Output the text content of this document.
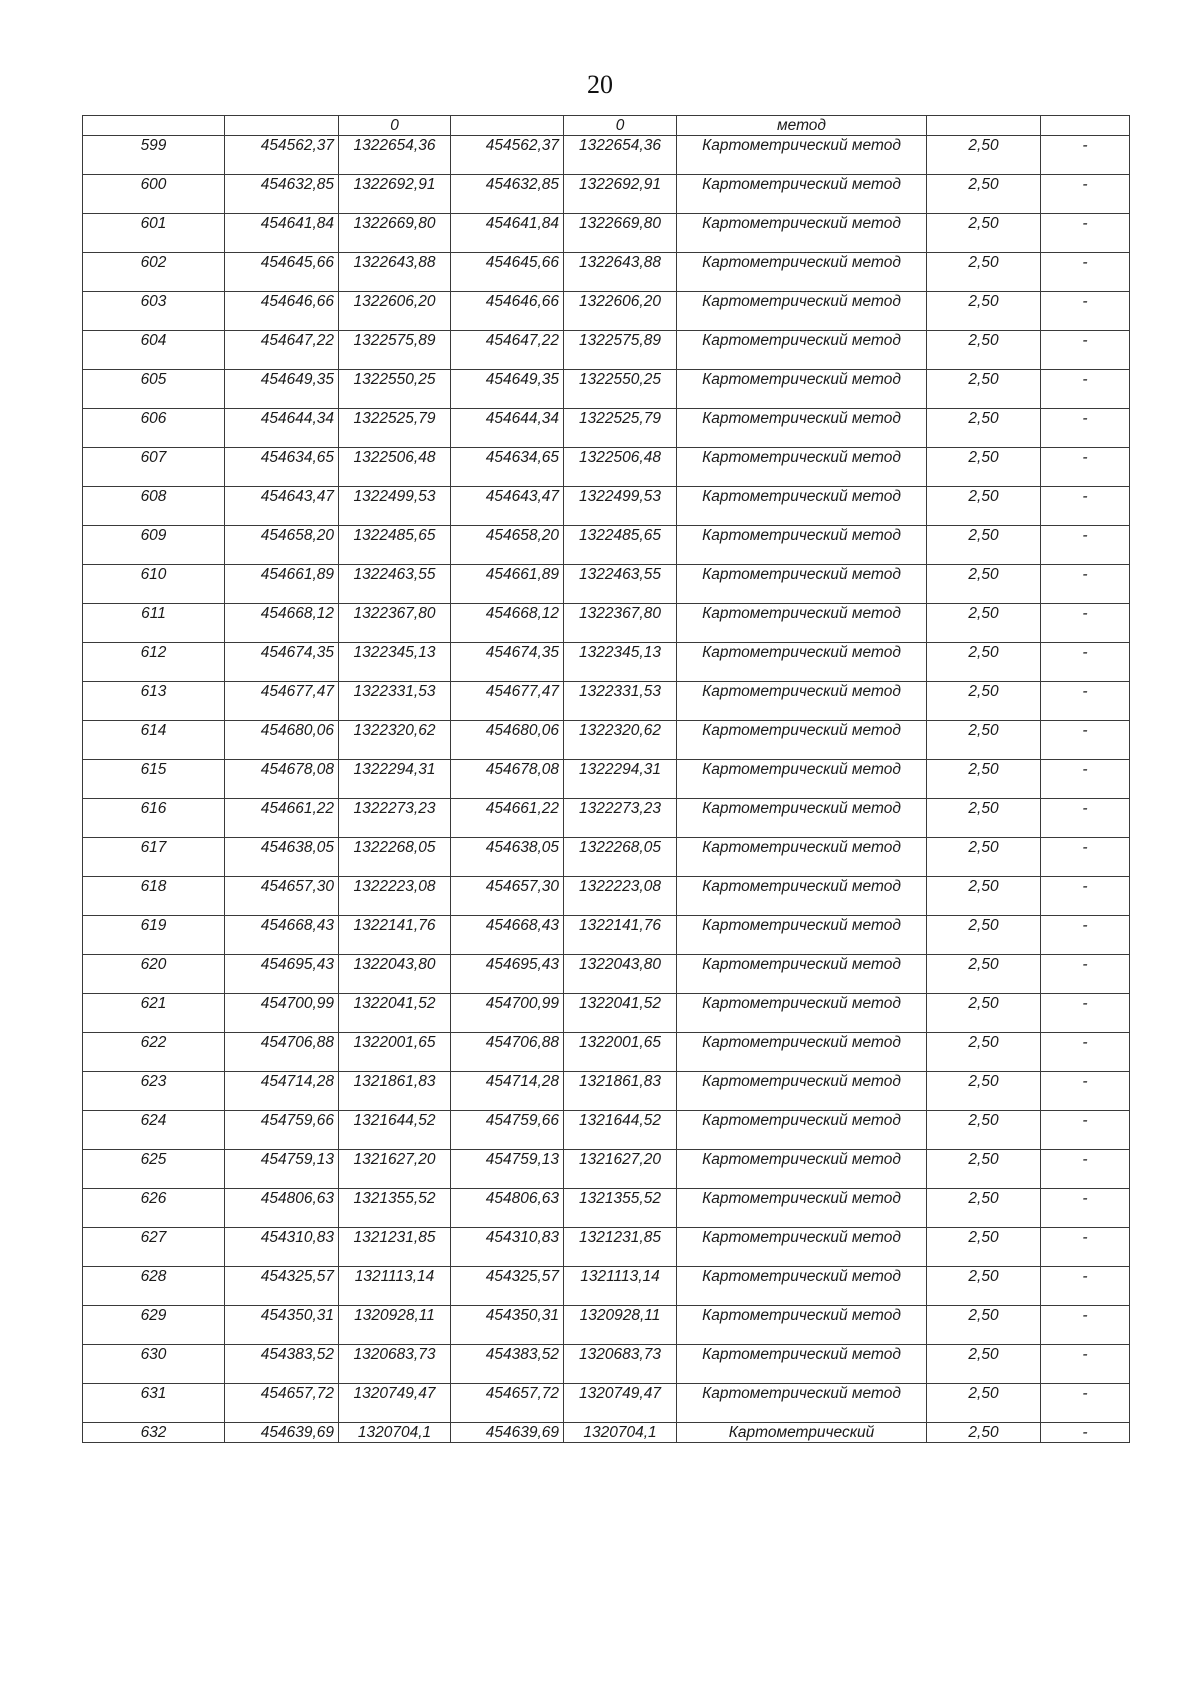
20
		0		0	метод		
599	454562,37	1322654,36	454562,37	1322654,36	Картометрический метод	2,50	-
600	454632,85	1322692,91	454632,85	1322692,91	Картометрический метод	2,50	-
601	454641,84	1322669,80	454641,84	1322669,80	Картометрический метод	2,50	-
602	454645,66	1322643,88	454645,66	1322643,88	Картометрический метод	2,50	-
603	454646,66	1322606,20	454646,66	1322606,20	Картометрический метод	2,50	-
604	454647,22	1322575,89	454647,22	1322575,89	Картометрический метод	2,50	-
605	454649,35	1322550,25	454649,35	1322550,25	Картометрический метод	2,50	-
606	454644,34	1322525,79	454644,34	1322525,79	Картометрический метод	2,50	-
607	454634,65	1322506,48	454634,65	1322506,48	Картометрический метод	2,50	-
608	454643,47	1322499,53	454643,47	1322499,53	Картометрический метод	2,50	-
609	454658,20	1322485,65	454658,20	1322485,65	Картометрический метод	2,50	-
610	454661,89	1322463,55	454661,89	1322463,55	Картометрический метод	2,50	-
611	454668,12	1322367,80	454668,12	1322367,80	Картометрический метод	2,50	-
612	454674,35	1322345,13	454674,35	1322345,13	Картометрический метод	2,50	-
613	454677,47	1322331,53	454677,47	1322331,53	Картометрический метод	2,50	-
614	454680,06	1322320,62	454680,06	1322320,62	Картометрический метод	2,50	-
615	454678,08	1322294,31	454678,08	1322294,31	Картометрический метод	2,50	-
616	454661,22	1322273,23	454661,22	1322273,23	Картометрический метод	2,50	-
617	454638,05	1322268,05	454638,05	1322268,05	Картометрический метод	2,50	-
618	454657,30	1322223,08	454657,30	1322223,08	Картометрический метод	2,50	-
619	454668,43	1322141,76	454668,43	1322141,76	Картометрический метод	2,50	-
620	454695,43	1322043,80	454695,43	1322043,80	Картометрический метод	2,50	-
621	454700,99	1322041,52	454700,99	1322041,52	Картометрический метод	2,50	-
622	454706,88	1322001,65	454706,88	1322001,65	Картометрический метод	2,50	-
623	454714,28	1321861,83	454714,28	1321861,83	Картометрический метод	2,50	-
624	454759,66	1321644,52	454759,66	1321644,52	Картометрический метод	2,50	-
625	454759,13	1321627,20	454759,13	1321627,20	Картометрический метод	2,50	-
626	454806,63	1321355,52	454806,63	1321355,52	Картометрический метод	2,50	-
627	454310,83	1321231,85	454310,83	1321231,85	Картометрический метод	2,50	-
628	454325,57	1321113,14	454325,57	1321113,14	Картометрический метод	2,50	-
629	454350,31	1320928,11	454350,31	1320928,11	Картометрический метод	2,50	-
630	454383,52	1320683,73	454383,52	1320683,73	Картометрический метод	2,50	-
631	454657,72	1320749,47	454657,72	1320749,47	Картометрический метод	2,50	-
632	454639,69	1320704,1	454639,69	1320704,1	Картометрический	2,50	-
